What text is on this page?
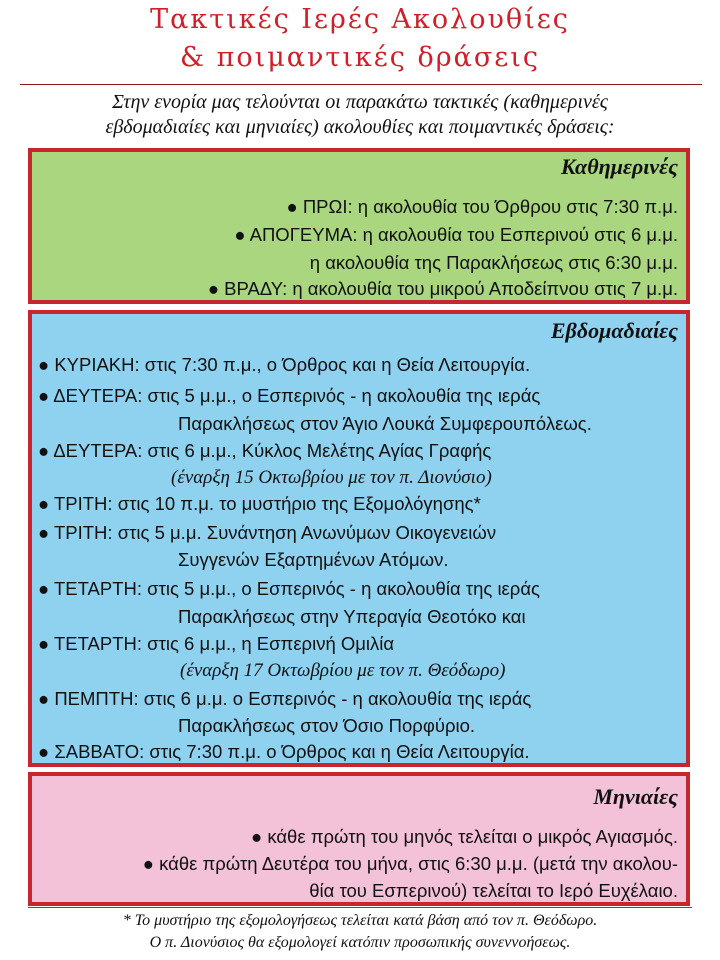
Τακτικές Ιερές Ακολουθίες
& ποιμαντικές δράσεις
Στην ενορία μας τελούνται οι παρακάτω τακτικές (καθημερινές
εβδομαδιαίες και μηνιαίες) ακολουθίες και ποιμαντικές δράσεις:
Καθημερινές
● ΠΡΩΙ: η ακολουθία του Όρθρου στις 7:30 π.μ.
● ΑΠΟΓΕΥΜΑ: η ακολουθία του Εσπερινού στις 6 μ.μ.
η ακολουθία της Παρακλήσεως στις 6:30 μ.μ.
● ΒΡΑΔΥ: η ακολουθία του μικρού Αποδείπνου στις 7 μ.μ.
Εβδομαδιαίες
● ΚΥΡΙΑΚΗ: στις 7:30 π.μ., ο Όρθρος και η Θεία Λειτουργία.
● ΔΕΥΤΕΡΑ: στις 5 μ.μ., ο Εσπερινός - η ακολουθία της ιεράς
Παρακλήσεως στον Άγιο Λουκά Συμφερουπόλεως.
● ΔΕΥΤΕΡΑ: στις 6 μ.μ., Κύκλος Μελέτης Αγίας Γραφής
(έναρξη 15 Οκτωβρίου με τον π. Διονύσιο)
● ΤΡΙΤΗ: στις 10 π.μ. το μυστήριο της Εξομολόγησης*
● ΤΡΙΤΗ: στις 5 μ.μ. Συνάντηση Ανωνύμων Οικογενειών
Συγγενών Εξαρτημένων Ατόμων.
● ΤΕΤΑΡΤΗ: στις 5 μ.μ., ο Εσπερινός - η ακολουθία της ιεράς
Παρακλήσεως στην Υπεραγία Θεοτόκο και
● ΤΕΤΑΡΤΗ: στις 6 μ.μ., η Εσπερινή Ομιλία
(έναρξη 17 Οκτωβρίου με τον π. Θεόδωρο)
● ΠΕΜΠΤΗ: στις 6 μ.μ. ο Εσπερινός - η ακολουθία της ιεράς
Παρακλήσεως στον Όσιο Πορφύριο.
● ΣΑΒΒΑΤΟ: στις 7:30 π.μ. ο Όρθρος και η Θεία Λειτουργία.
Μηνιαίες
● κάθε πρώτη του μηνός τελείται ο μικρός Αγιασμός.
● κάθε πρώτη Δευτέρα του μήνα, στις 6:30 μ.μ. (μετά την ακολου-
θία του Εσπερινού) τελείται το Ιερό Ευχέλαιο.
* Το μυστήριο της εξομολογήσεως τελείται κατά βάση από τον π. Θεόδωρο.
Ο π. Διονύσιος θα εξομολογεί κατόπιν προσωπικής συνεννοήσεως.
